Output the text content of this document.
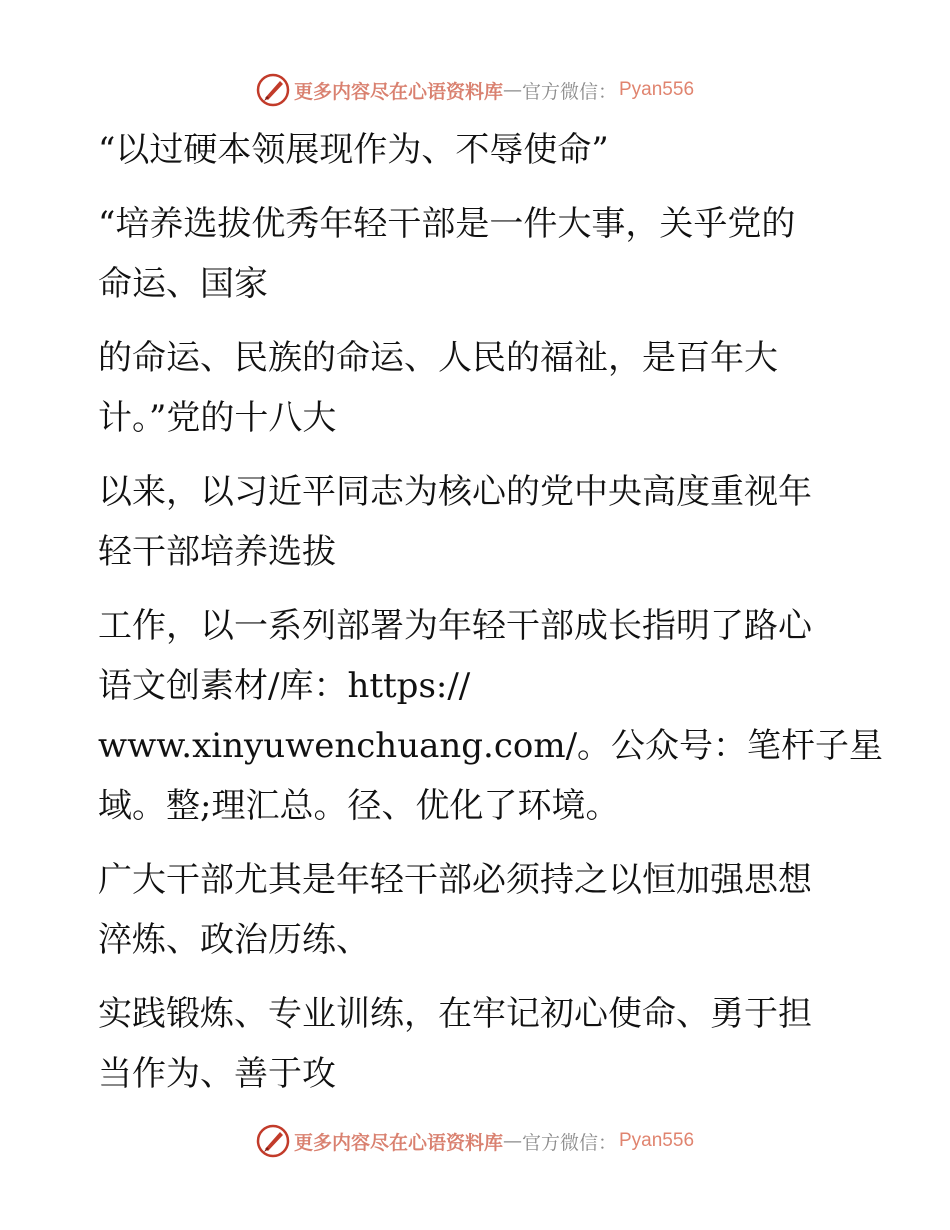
更多内容尽在心语资料库 — 官方微信： Pyan556

“以过硬本领展现作为、不辱使命”

“培养选拔优秀年轻干部是一件大事，关乎党的
命运、国家

的命运、民族的命运、人民的福祉，是百年大
计。”党的十八大

以来，以习近平同志为核心的党中央高度重视年
轻干部培养选拔

工作，以一系列部署为年轻干部成长指明了路心
语文创素材/库：https://
www.xinyuwenchuang.com/。公众号：笔杆子星
域。整;理汇总。径、优化了环境。

广大干部尤其是年轻干部必须持之以恒加强思想
淬炼、政治历练、

实践锻炼、专业训练，在牢记初心使命、勇于担
当作为、善于攻

更多内容尽在心语资料库 — 官方微信： Pyan556
